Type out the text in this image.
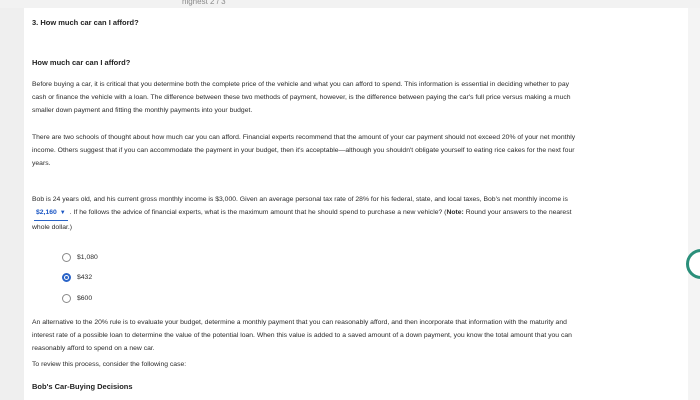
highest 2 / 3
3. How much car can I afford?
How much car can I afford?

Before buying a car, it is critical that you determine both the complete price of the vehicle and what you can afford to spend. This information is essential in deciding whether to pay cash or finance the vehicle with a loan. The difference between these two methods of payment, however, is the difference between paying the car's full price versus making a much smaller down payment and fitting the monthly payments into your budget.

There are two schools of thought about how much car you can afford. Financial experts recommend that the amount of your car payment should not exceed 20% of your net monthly income. Others suggest that if you can accommodate the payment in your budget, then it's acceptable—although you shouldn't obligate yourself to eating rice cakes for the next four years.

Bob is 24 years old, and his current gross monthly income is $3,000. Given an average personal tax rate of 28% for his federal, state, and local taxes, Bob's net monthly income is $2,160 ▼ . If he follows the advice of financial experts, what is the maximum amount that he should spend to purchase a new vehicle? (Note: Round your answers to the nearest whole dollar.)

$1,080
$432
$600

An alternative to the 20% rule is to evaluate your budget, determine a monthly payment that you can reasonably afford, and then incorporate that information with the maturity and interest rate of a possible loan to determine the value of the potential loan. When this value is added to a saved amount of a down payment, you know the total amount that you can reasonably afford to spend on a new car.

To review this process, consider the following case:
Bob's Car-Buying Decisions
